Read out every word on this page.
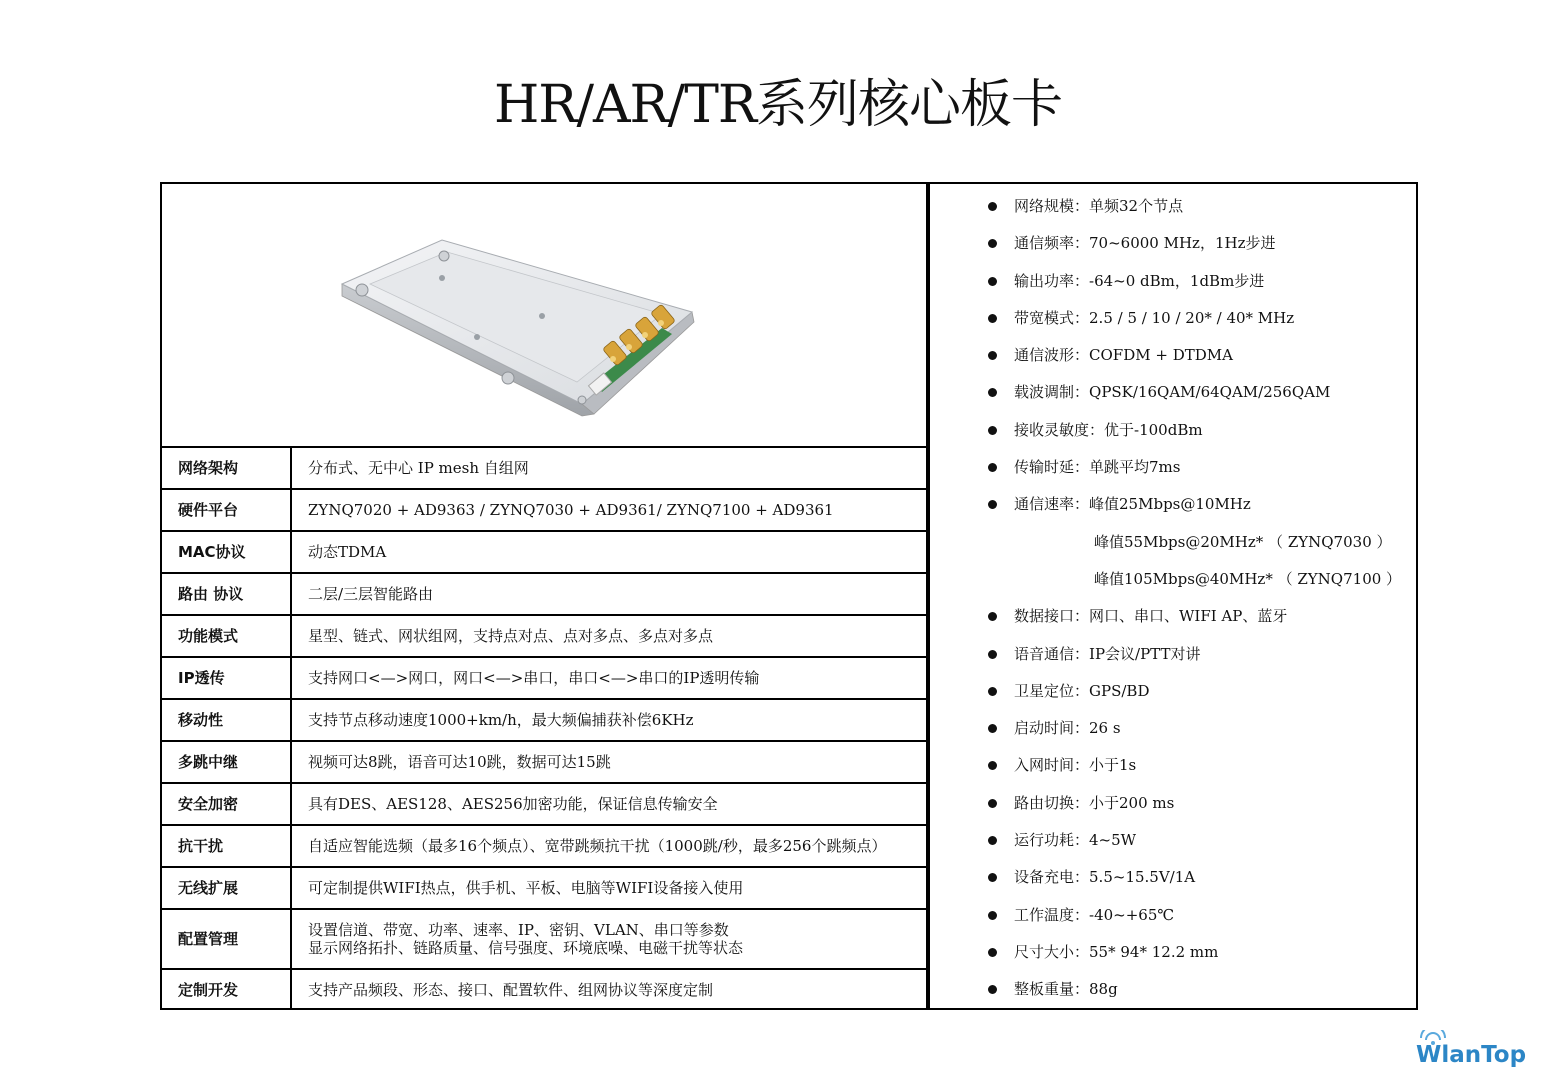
HR/AR/TR系列核心板卡
网络架构	分布式、无中心 IP mesh 自组网

硬件平台	ZYNQ7020 + AD9363 / ZYNQ7030 + AD9361/ ZYNQ7100 + AD9361

MAC协议	动态TDMA

路由 协议	二层/三层智能路由

功能模式	星型、链式、网状组网，支持点对点、点对多点、多点对多点

IP透传	支持网口<—>网口，网口<—>串口，串口<—>串口的IP透明传输

移动性	支持节点移动速度1000+km/h，最大频偏捕获补偿6KHz

多跳中继	视频可达8跳，语音可达10跳，数据可达15跳

安全加密	具有DES、AES128、AES256加密功能，保证信息传输安全

抗干扰	自适应智能选频（最多16个频点）、宽带跳频抗干扰（1000跳/秒，最多256个跳频点）

无线扩展	可定制提供WIFI热点，供手机、平板、电脑等WIFI设备接入使用

配置管理	设置信道、带宽、功率、速率、IP、密钥、VLAN、串口等参数
显示网络拓扑、链路质量、信号强度、环境底噪、电磁干扰等状态

定制开发	支持产品频段、形态、接口、配置软件、组网协议等深度定制
网络规模：单频32个节点
通信频率：70~6000 MHz，1Hz步进
输出功率：-64~0 dBm，1dBm步进
带宽模式：2.5 / 5 / 10 / 20* / 40* MHz
通信波形：COFDM + DTDMA
载波调制：QPSK/16QAM/64QAM/256QAM
接收灵敏度：优于-100dBm
传输时延：单跳平均7ms
通信速率：峰值25Mbps@10MHz
峰值55Mbps@20MHz* （ ZYNQ7030 ）
峰值105Mbps@40MHz* （ ZYNQ7100 ）
数据接口：网口、串口、WIFI AP、蓝牙
语音通信：IP会议/PTT对讲
卫星定位：GPS/BD
启动时间：26 s
入网时间：小于1s
路由切换：小于200 ms
运行功耗：4~5W
设备充电：5.5~15.5V/1A
工作温度：-40~+65℃
尺寸大小：55* 94* 12.2 mm
整板重量：88g
WlanTop
